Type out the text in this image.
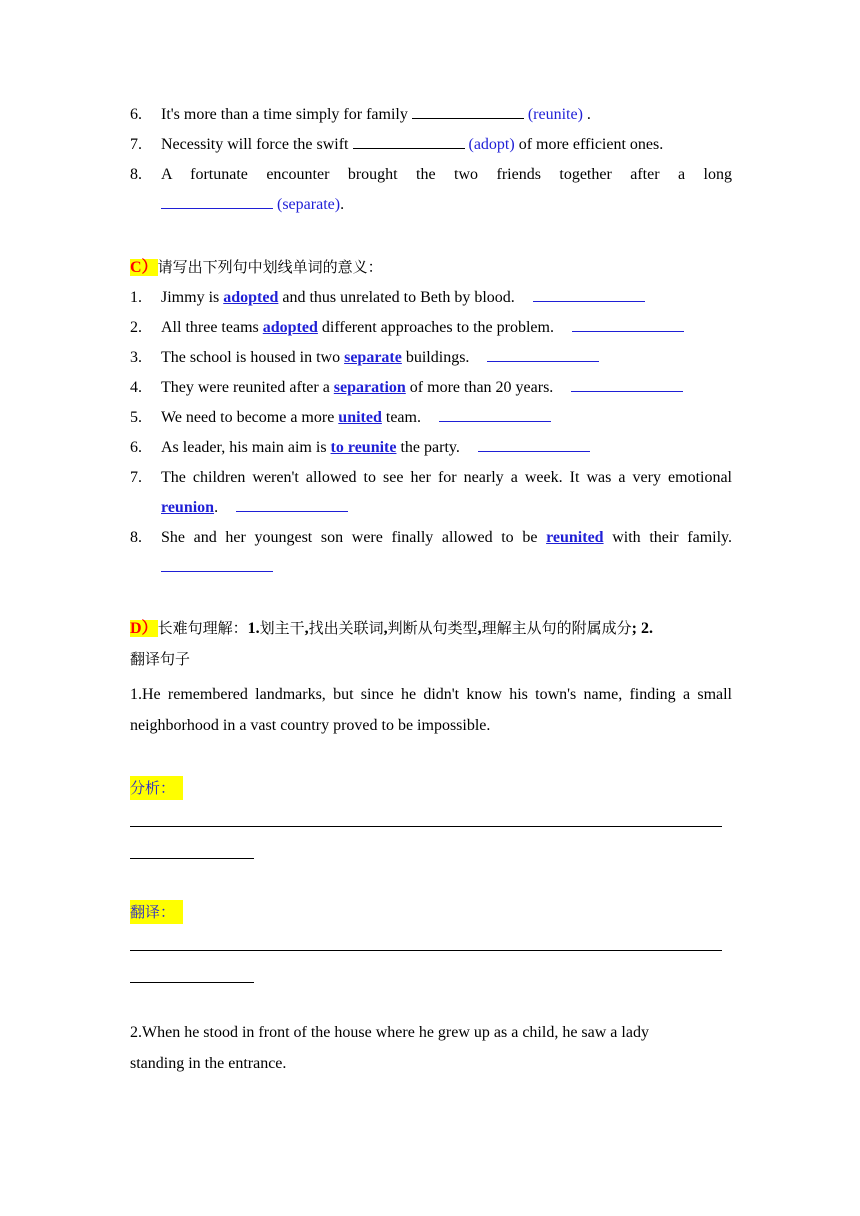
6. It's more than a time simply for family	(reunite) .
7. Necessity will force the swift	(adopt) of more efficient ones.
8. A fortunate encounter brought the two friends together after a long
(separate).
C）请写出下列句中划线单词的意义：
1. Jimmy is adopted and thus unrelated to Beth by blood.
2. All three teams adopted different approaches to the problem.
3. The school is housed in two separate buildings.
4. They were reunited after a separation of more than 20 years.
5. We need to become a more united team.
6. As leader, his main aim is to reunite the party.
7. The children weren't allowed to see her for nearly a week. It was a very emotional
reunion.
8. She and her youngest son were finally allowed to be reunited with their family.
D）长难句理解：1.划主干,找出关联词,判断从句类型,理解主从句的附属成分; 2.
翻译句子
1.He remembered landmarks, but since he didn't know his town's name, finding a small neighborhood in a vast country proved to be impossible.
分析：
翻译：
2.When he stood in front of the house where he grew up as a child, he saw a lady standing in the entrance.
